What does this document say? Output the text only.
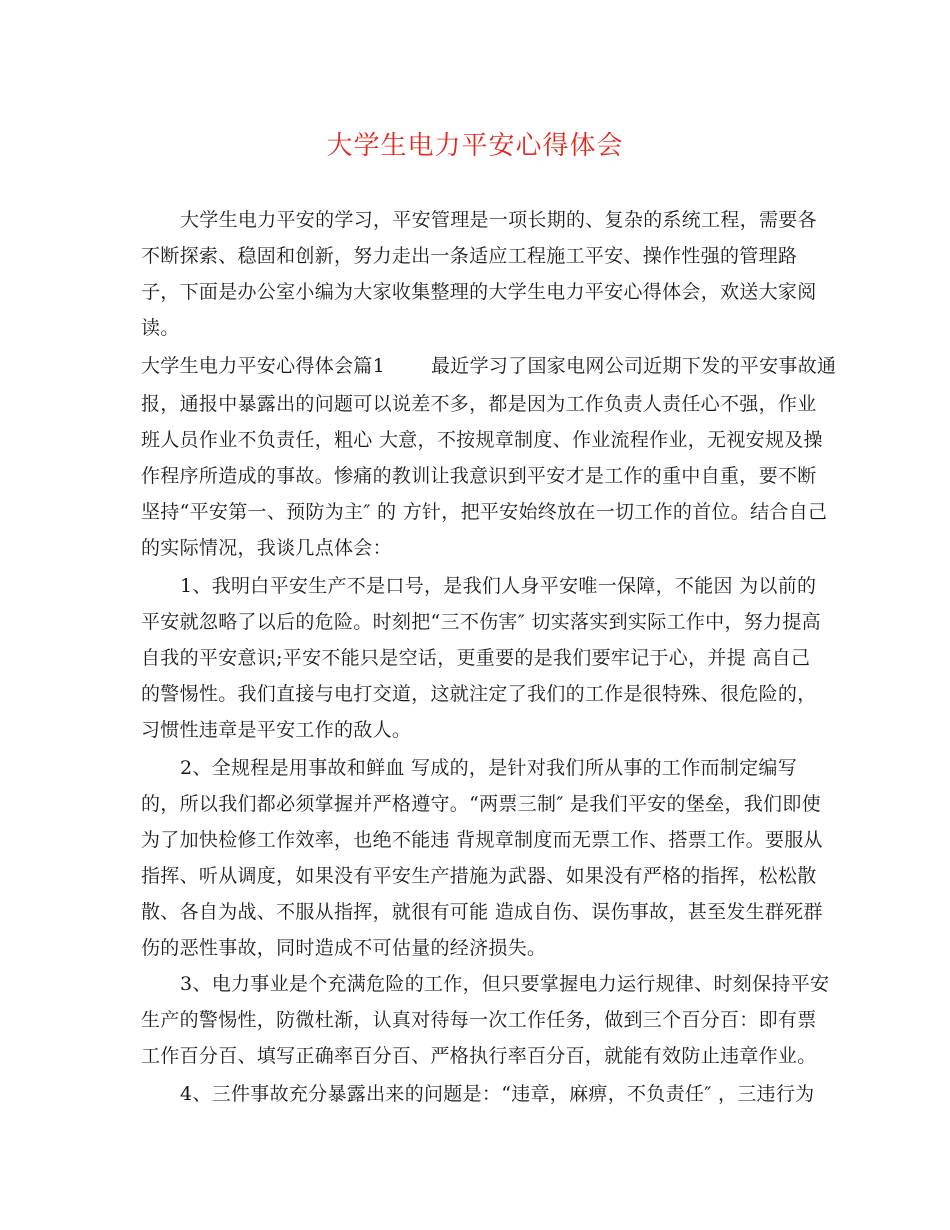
大学生电力平安心得体会
大学生电力平安的学习，平安管理是一项长期的、复杂的系统工程，需要各
不断探索、稳固和创新，努力走出一条适应工程施工平安、操作性强的管理路
子，下面是办公室小编为大家收集整理的大学生电力平安心得体会，欢送大家阅
读。
大学生电力平安心得体会篇1 最近学习了国家电网公司近期下发的平安事故通
报，通报中暴露出的问题可以说差不多，都是因为工作负责人责任心不强，作业
班人员作业不负责任，粗心 大意，不按规章制度、作业流程作业，无视安规及操
作程序所造成的事故。惨痛的教训让我意识到平安才是工作的重中自重，要不断
坚持“平安第一、预防为主″ 的 方针，把平安始终放在一切工作的首位。结合自己
的实际情况，我谈几点体会：
1、我明白平安生产不是口号，是我们人身平安唯一保障，不能因 为以前的
平安就忽略了以后的危险。时刻把“三不伤害″ 切实落实到实际工作中，努力提高
自我的平安意识;平安不能只是空话，更重要的是我们要牢记于心，并提 高自己
的警惕性。我们直接与电打交道，这就注定了我们的工作是很特殊、很危险的，
习惯性违章是平安工作的敌人。
2、全规程是用事故和鲜血 写成的，是针对我们所从事的工作而制定编写
的，所以我们都必须掌握并严格遵守。“两票三制″ 是我们平安的堡垒，我们即使
为了加快检修工作效率，也绝不能违 背规章制度而无票工作、搭票工作。要服从
指挥、听从调度，如果没有平安生产措施为武器、如果没有严格的指挥，松松散
散、各自为战、不服从指挥，就很有可能 造成自伤、误伤事故，甚至发生群死群
伤的恶性事故，同时造成不可估量的经济损失。
3、电力事业是个充满危险的工作，但只要掌握电力运行规律、时刻保持平安
生产的警惕性，防微杜渐，认真对待每一次工作任务，做到三个百分百：即有票
工作百分百、填写正确率百分百、严格执行率百分百，就能有效防止违章作业。
4、三件事故充分暴露出来的问题是：“违章，麻痹，不负责任″ ，三违行为
